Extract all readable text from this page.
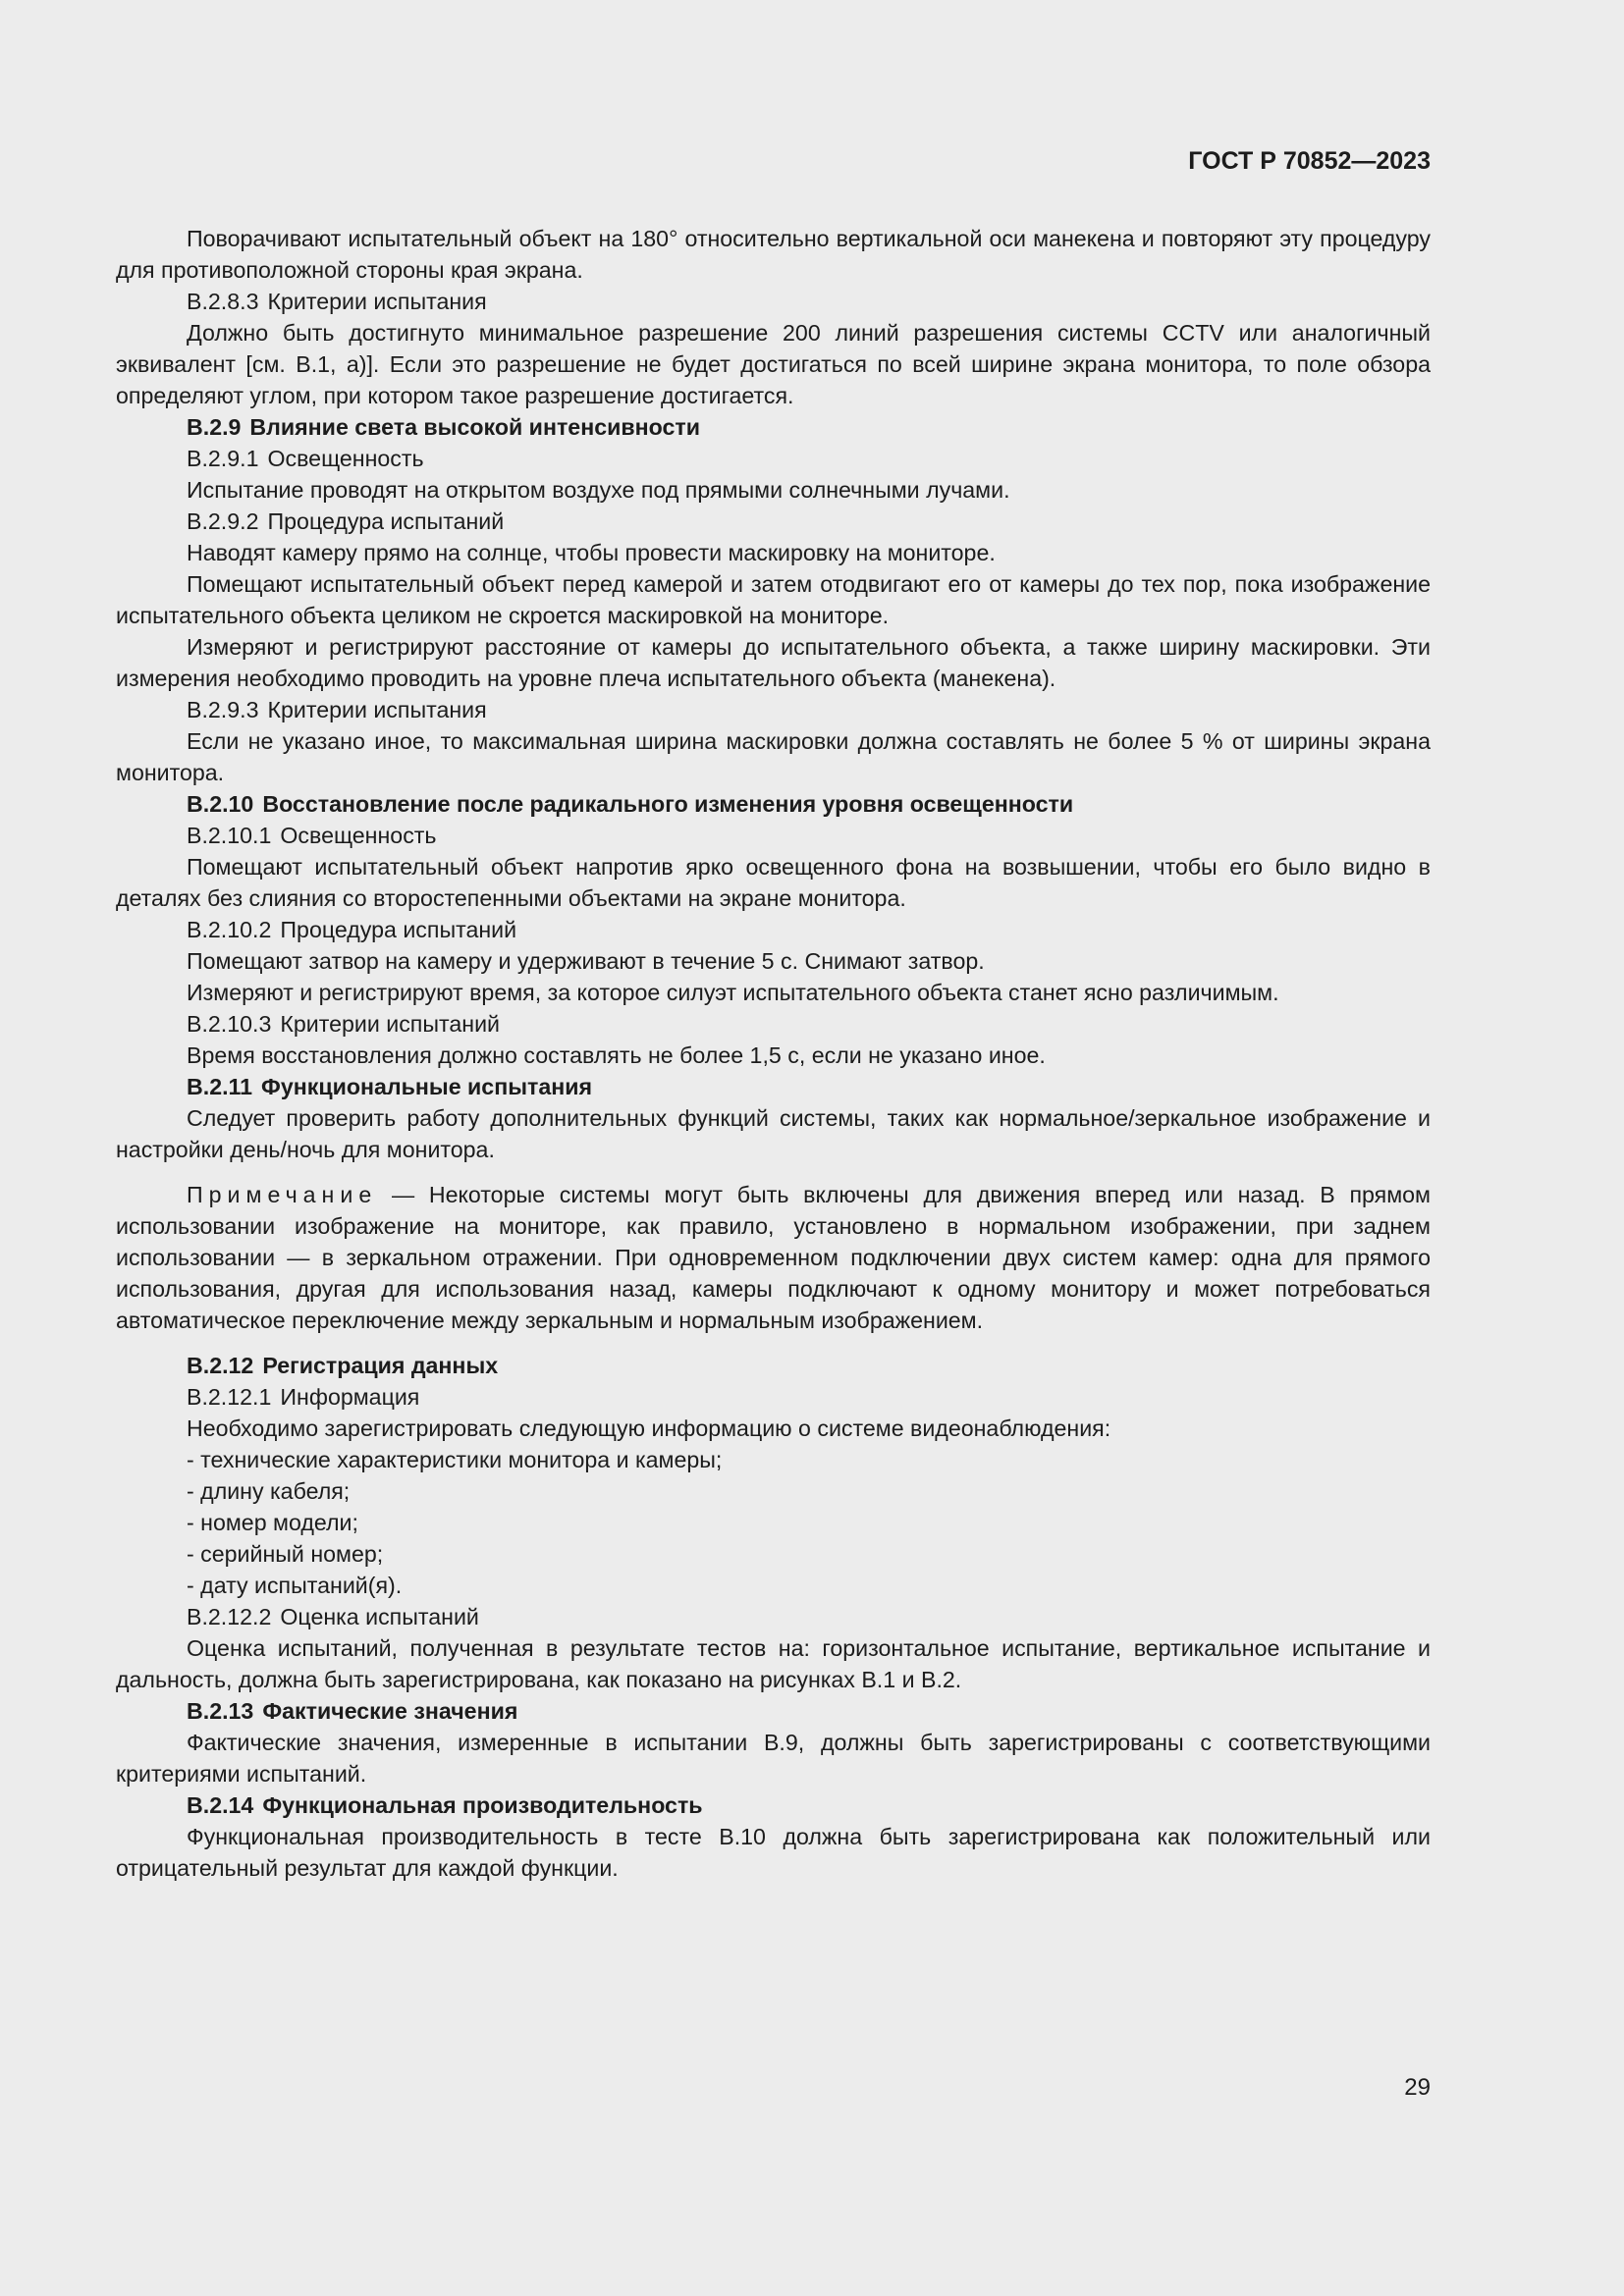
ГОСТ Р 70852—2023

Поворачивают испытательный объект на 180° относительно вертикальной оси манекена и повторяют эту процедуру для противоположной стороны края экрана.

В.2.8.3 Критерии испытания

Должно быть достигнуто минимальное разрешение 200 линий разрешения системы CCTV или аналогичный эквивалент [см. В.1, а)]. Если это разрешение не будет достигаться по всей ширине экрана монитора, то поле обзора определяют углом, при котором такое разрешение достигается.

В.2.9 Влияние света высокой интенсивности

В.2.9.1 Освещенность

Испытание проводят на открытом воздухе под прямыми солнечными лучами.

В.2.9.2 Процедура испытаний

Наводят камеру прямо на солнце, чтобы провести маскировку на мониторе.

Помещают испытательный объект перед камерой и затем отодвигают его от камеры до тех пор, пока изображение испытательного объекта целиком не скроется маскировкой на мониторе.

Измеряют и регистрируют расстояние от камеры до испытательного объекта, а также ширину маскировки. Эти измерения необходимо проводить на уровне плеча испытательного объекта (манекена).

В.2.9.3 Критерии испытания

Если не указано иное, то максимальная ширина маскировки должна составлять не более 5 % от ширины экрана монитора.

В.2.10 Восстановление после радикального изменения уровня освещенности

В.2.10.1 Освещенность

Помещают испытательный объект напротив ярко освещенного фона на возвышении, чтобы его было видно в деталях без слияния со второстепенными объектами на экране монитора.

В.2.10.2 Процедура испытаний

Помещают затвор на камеру и удерживают в течение 5 с. Снимают затвор.

Измеряют и регистрируют время, за которое силуэт испытательного объекта станет ясно различимым.

В.2.10.3 Критерии испытаний

Время восстановления должно составлять не более 1,5 с, если не указано иное.

В.2.11 Функциональные испытания

Следует проверить работу дополнительных функций системы, таких как нормальное/зеркальное изображение и настройки день/ночь для монитора.

Примечание — Некоторые системы могут быть включены для движения вперед или назад. В прямом использовании изображение на мониторе, как правило, установлено в нормальном изображении, при заднем использовании — в зеркальном отражении. При одновременном подключении двух систем камер: одна для прямого использования, другая для использования назад, камеры подключают к одному монитору и может потребоваться автоматическое переключение между зеркальным и нормальным изображением.

В.2.12 Регистрация данных

В.2.12.1 Информация

Необходимо зарегистрировать следующую информацию о системе видеонаблюдения:

- технические характеристики монитора и камеры;

- длину кабеля;

- номер модели;

- серийный номер;

- дату испытаний(я).

В.2.12.2 Оценка испытаний

Оценка испытаний, полученная в результате тестов на: горизонтальное испытание, вертикальное испытание и дальность, должна быть зарегистрирована, как показано на рисунках В.1 и В.2.

В.2.13 Фактические значения

Фактические значения, измеренные в испытании В.9, должны быть зарегистрированы с соответствующими критериями испытаний.

В.2.14 Функциональная производительность

Функциональная производительность в тесте В.10 должна быть зарегистрирована как положительный или отрицательный результат для каждой функции.

29
